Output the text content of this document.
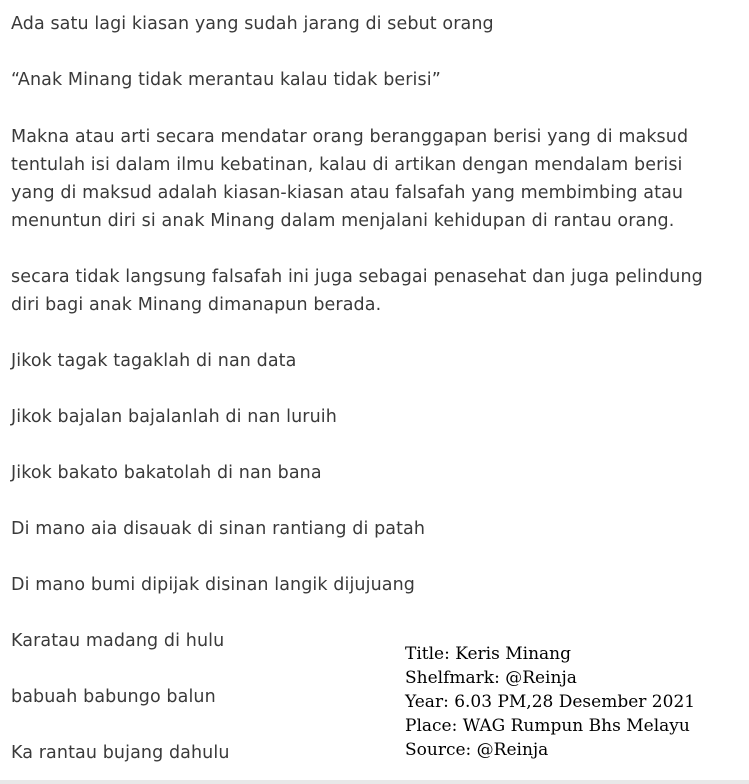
Ada satu lagi kiasan yang sudah jarang di sebut orang
“Anak Minang tidak merantau kalau tidak berisi”
Makna atau arti secara mendatar orang beranggapan berisi yang di maksud
tentulah isi dalam ilmu kebatinan, kalau di artikan dengan mendalam berisi
yang di maksud adalah kiasan-kiasan atau falsafah yang membimbing atau
menuntun diri si anak Minang dalam menjalani kehidupan di rantau orang.
secara tidak langsung falsafah ini juga sebagai penasehat dan juga pelindung
diri bagi anak Minang dimanapun berada.
Jikok tagak tagaklah di nan data
Jikok bajalan bajalanlah di nan luruih
Jikok bakato bakatolah di nan bana
Di mano aia disauak di sinan rantiang di patah
Di mano bumi dipijak disinan langik dijujuang
Karatau madang di hulu
babuah babungo balun
Ka rantau bujang dahulu
Title: Keris Minang
Shelfmark: @Reinja
Year: 6.03 PM,28 Desember 2021
Place: WAG Rumpun Bhs Melayu
Source: @Reinja
